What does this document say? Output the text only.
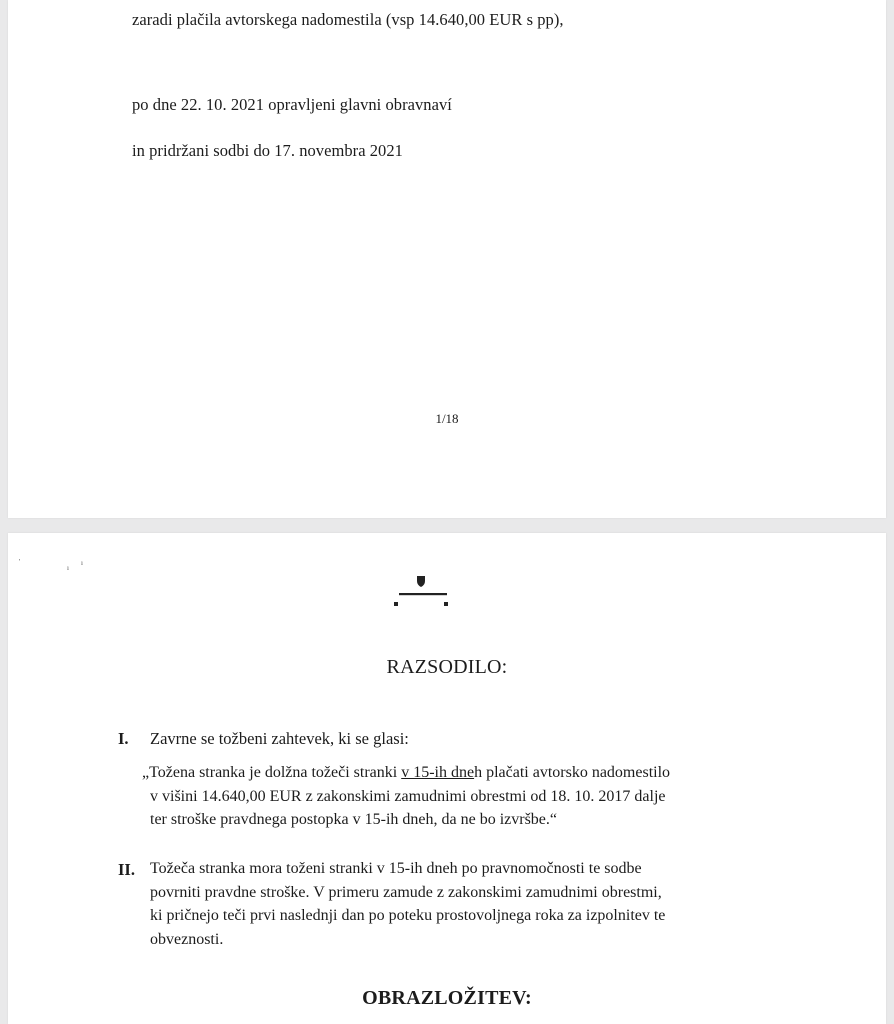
zaradi plačila avtorskega nadomestila (vsp 14.640,00 EUR s pp),
po dne 22. 10. 2021 opravljeni glavni obravnaví
in pridržani sodbi do 17. novembra 2021
1/18
'
ı
ı
RAZSODILO:
I. Zavrne se tožbeni zahtevek, ki se glasi:
„Tožena stranka je dolžna tožeči stranki v 15-ih dneh plačati avtorsko nadomestilo
v višini 14.640,00 EUR z zakonskimi zamudnimi obrestmi od 18. 10. 2017 dalje
ter stroške pravdnega postopka v 15-ih dneh, da ne bo izvršbe.“
II. Tožeča stranka mora toženi stranki v 15-ih dneh po pravnomočnosti te sodbe
povrniti pravdne stroške. V primeru zamude z zakonskimi zamudnimi obrestmi,
ki pričnejo teči prvi naslednji dan po poteku prostovoljnega roka za izpolnitev te
obveznosti.
OBRAZLOŽITEV:
